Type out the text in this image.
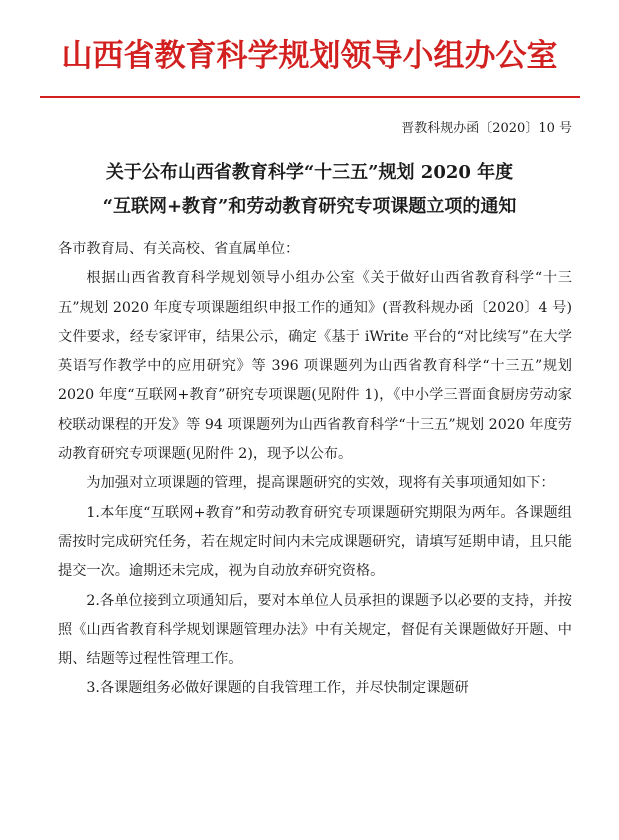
山西省教育科学规划领导小组办公室
晋教科规办函〔2020〕10 号
关于公布山西省教育科学“十三五”规划 2020 年度
“互联网+教育”和劳动教育研究专项课题立项的通知

各市教育局、有关高校、省直属单位：

根据山西省教育科学规划领导小组办公室《关于做好山西省教育科学“十三五”规划 2020 年度专项课题组织申报工作的通知》(晋教科规办函〔2020〕4 号)文件要求，经专家评审，结果公示，确定《基于 iWrite 平台的“对比续写”在大学英语写作教学中的应用研究》等 396 项课题列为山西省教育科学“十三五”规划 2020 年度“互联网+教育”研究专项课题(见附件 1)，《中小学三晋面食厨房劳动家校联动课程的开发》等 94 项课题列为山西省教育科学“十三五”规划 2020 年度劳动教育研究专项课题(见附件 2)，现予以公布。

为加强对立项课题的管理，提高课题研究的实效，现将有关事项通知如下：

1.本年度“互联网+教育”和劳动教育研究专项课题研究期限为两年。各课题组需按时完成研究任务，若在规定时间内未完成课题研究，请填写延期申请，且只能提交一次。逾期还未完成，视为自动放弃研究资格。

2.各单位接到立项通知后，要对本单位人员承担的课题予以必要的支持，并按照《山西省教育科学规划课题管理办法》中有关规定，督促有关课题做好开题、中期、结题等过程性管理工作。

3.各课题组务必做好课题的自我管理工作，并尽快制定课题研
